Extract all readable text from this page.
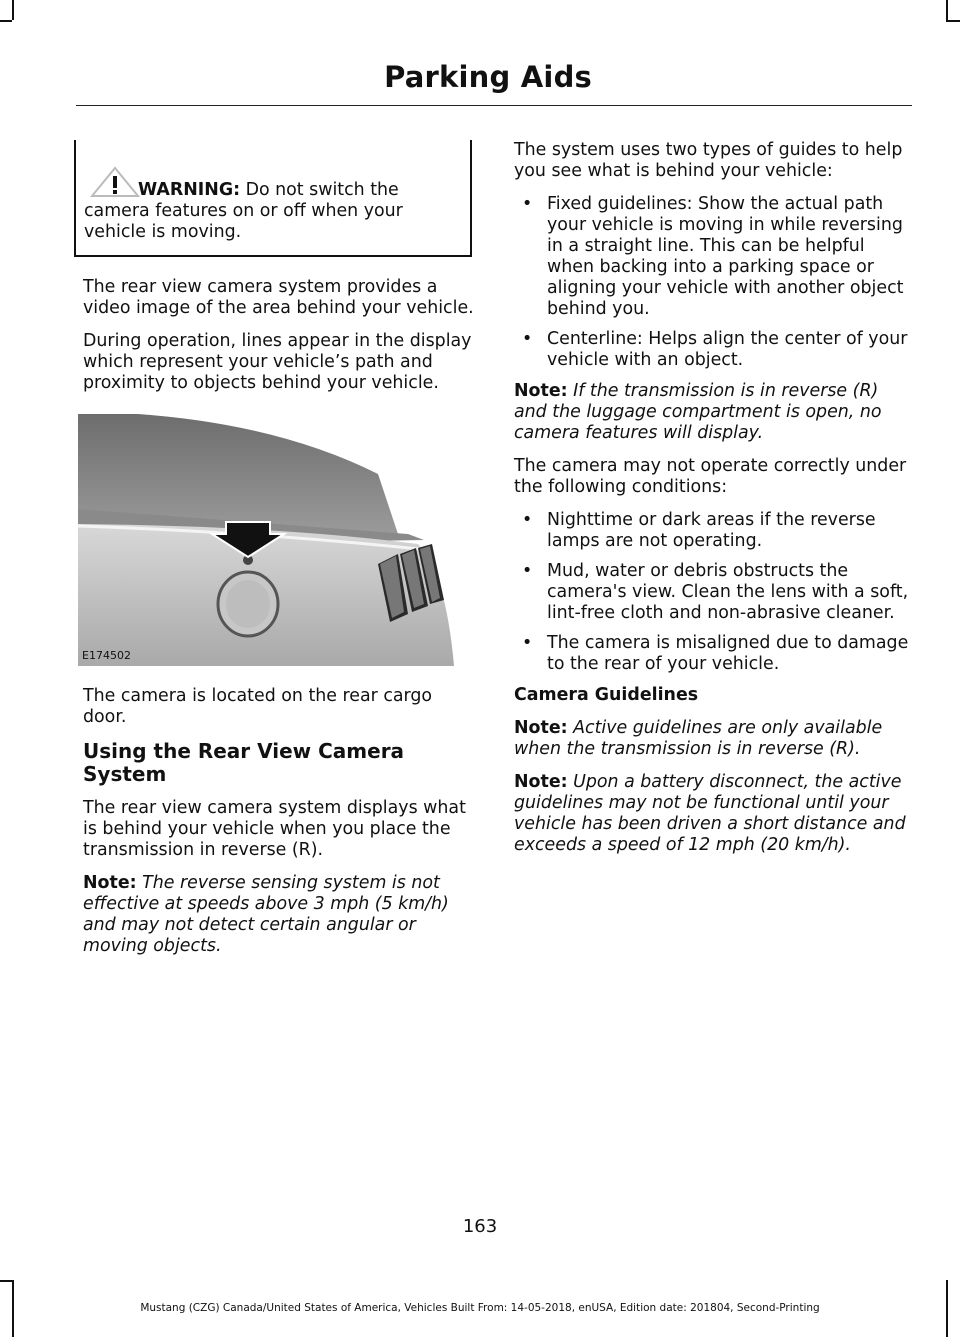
Parking Aids

WARNING: Do not switch the camera features on or off when your vehicle is moving.

The rear view camera system provides a video image of the area behind your vehicle.

During operation, lines appear in the display which represent your vehicle’s path and proximity to objects behind your vehicle.

E174502

The camera is located on the rear cargo door.

Using the Rear View Camera System

The rear view camera system displays what is behind your vehicle when you place the transmission in reverse (R).

Note: The reverse sensing system is not effective at speeds above 3 mph (5 km/h) and may not detect certain angular or moving objects.

The system uses two types of guides to help you see what is behind your vehicle:

• Fixed guidelines: Show the actual path your vehicle is moving in while reversing in a straight line. This can be helpful when backing into a parking space or aligning your vehicle with another object behind you.
• Centerline: Helps align the center of your vehicle with an object.

Note: If the transmission is in reverse (R) and the luggage compartment is open, no camera features will display.

The camera may not operate correctly under the following conditions:

• Nighttime or dark areas if the reverse lamps are not operating.
• Mud, water or debris obstructs the camera's view. Clean the lens with a soft, lint-free cloth and non-abrasive cleaner.
• The camera is misaligned due to damage to the rear of your vehicle.
Camera Guidelines

Note: Active guidelines are only available when the transmission is in reverse (R).

Note: Upon a battery disconnect, the active guidelines may not be functional until your vehicle has been driven a short distance and exceeds a speed of 12 mph (20 km/h).

163
Mustang (CZG) Canada/United States of America, Vehicles Built From: 14-05-2018, enUSA, Edition date: 201804, Second-Printing
